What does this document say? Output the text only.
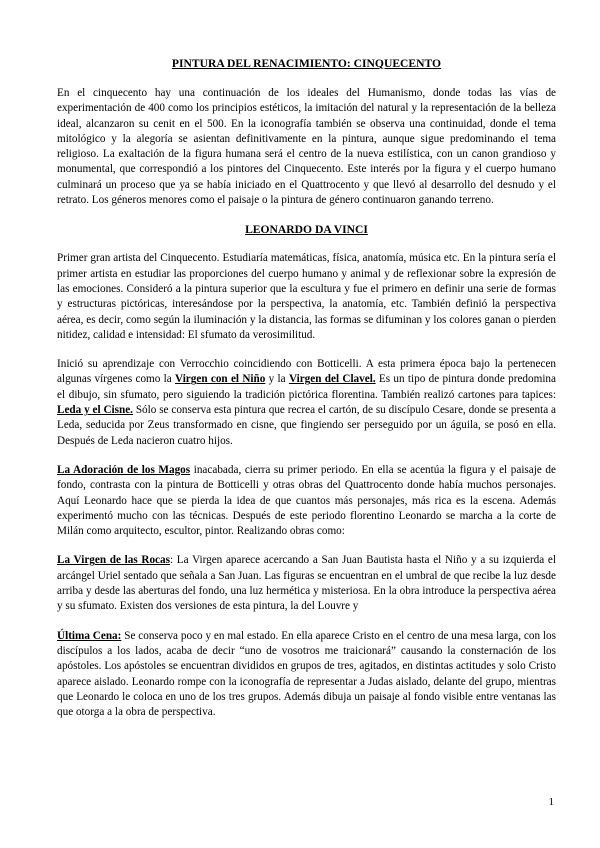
PINTURA DEL RENACIMIENTO: CINQUECENTO

En el cinquecento hay una continuación de los ideales del Humanismo, donde todas las vías de experimentación de 400 como los principios estéticos, la imitación del natural y la representación de la belleza ideal, alcanzaron su cenit en el 500. En la iconografía también se observa una continuidad, donde el tema mitológico y la alegoría se asientan definitivamente en la pintura, aunque sigue predominando el tema religioso. La exaltación de la figura humana será el centro de la nueva estilística, con un canon grandioso y monumental, que correspondió a los pintores del Cinquecento. Este interés por la figura y el cuerpo humano culminará un proceso que ya se había iniciado en el Quattrocento y que llevó al desarrollo del desnudo y el retrato. Los géneros menores como el paisaje o la pintura de género continuaron ganando terreno.

LEONARDO DA VINCI

Primer gran artista del Cinquecento. Estudiaría matemáticas, física, anatomía, música etc. En la pintura sería el primer artista en estudiar las proporciones del cuerpo humano y animal y de reflexionar sobre la expresión de las emociones. Consideró a la pintura superior que la escultura y fue el primero en definir una serie de formas y estructuras pictóricas, interesándose por la perspectiva, la anatomía, etc. También definió la perspectiva aérea, es decir, como según la iluminación y la distancia, las formas se difuminan y los colores ganan o pierden nitidez, calidad e intensidad: El sfumato da verosimilitud.

Inició su aprendizaje con Verrocchio coincidiendo con Botticelli. A esta primera época bajo la pertenecen algunas vírgenes como la Virgen con el Niño y la Virgen del Clavel. Es un tipo de pintura donde predomina el dibujo, sin sfumato, pero siguiendo la tradición pictórica florentina. También realizó cartones para tapices: Leda y el Cisne. Sólo se conserva esta pintura que recrea el cartón, de su discípulo Cesare, donde se presenta a Leda, seducida por Zeus transformado en cisne, que fingiendo ser perseguido por un águila, se posó en ella. Después de Leda nacieron cuatro hijos.

La Adoración de los Magos inacabada, cierra su primer periodo. En ella se acentúa la figura y el paisaje de fondo, contrasta con la pintura de Botticelli y otras obras del Quattrocento donde había muchos personajes. Aquí Leonardo hace que se pierda la idea de que cuantos más personajes, más rica es la escena. Además experimentó mucho con las técnicas. Después de este periodo florentino Leonardo se marcha a la corte de Milán como arquitecto, escultor, pintor. Realizando obras como:

La Virgen de las Rocas: La Virgen aparece acercando a San Juan Bautista hasta el Niño y a su izquierda el arcángel Uriel sentado que señala a San Juan. Las figuras se encuentran en el umbral de que recibe la luz desde arriba y desde las aberturas del fondo, una luz hermética y misteriosa. En la obra introduce la perspectiva aérea y su sfumato. Existen dos versiones de esta pintura, la del Louvre y

Última Cena: Se conserva poco y en mal estado. En ella aparece Cristo en el centro de una mesa larga, con los discípulos a los lados, acaba de decir “uno de vosotros me traicionará” causando la consternación de los apóstoles. Los apóstoles se encuentran divididos en grupos de tres, agitados, en distintas actitudes y solo Cristo aparece aislado. Leonardo rompe con la iconografía de representar a Judas aislado, delante del grupo, mientras que Leonardo le coloca en uno de los tres grupos. Además dibuja un paisaje al fondo visible entre ventanas las que otorga a la obra de perspectiva.

1
